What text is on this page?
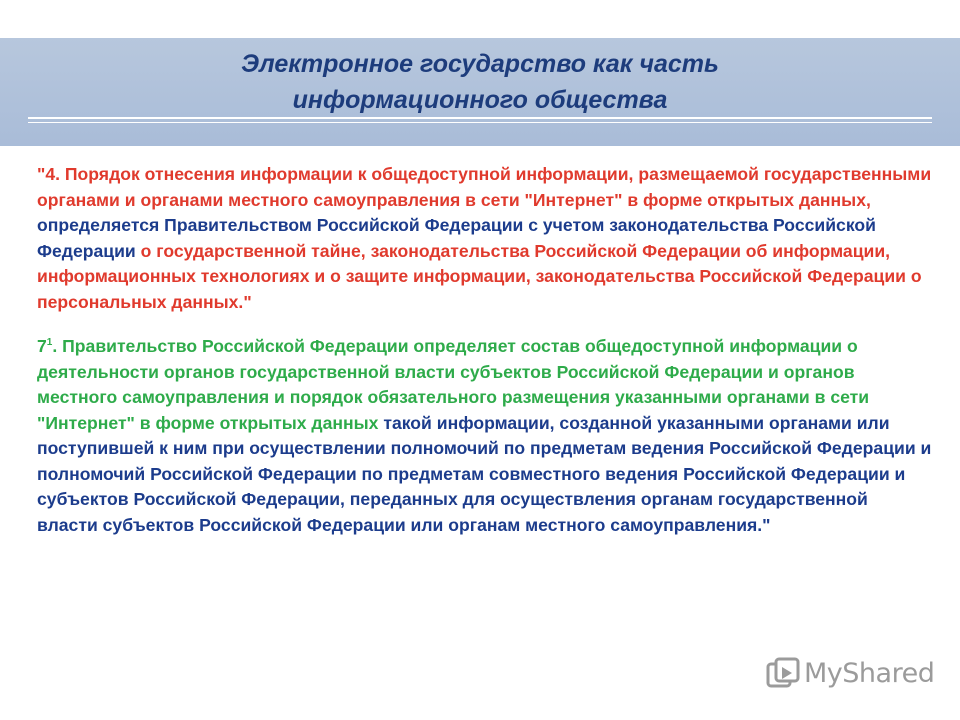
Электронное государство как часть
информационного общества

"4. Порядок отнесения информации к общедоступной информации, размещаемой государственными органами и органами местного самоуправления в сети "Интернет" в форме открытых данных, определяется Правительством Российской Федерации с учетом законодательства Российской Федерации о государственной тайне, законодательства Российской Федерации об информации, информационных технологиях и о защите информации, законодательства Российской Федерации о персональных данных."

$7^1$. Правительство Российской Федерации определяет состав общедоступной информации о деятельности органов государственной власти субъектов Российской Федерации и органов местного самоуправления и порядок обязательного размещения указанными органами в сети "Интернет" в форме открытых данных такой информации, созданной указанными органами или поступившей к ним при осуществлении полномочий по предметам ведения Российской Федерации и полномочий Российской Федерации по предметам совместного ведения Российской Федерации и субъектов Российской Федерации, переданных для осуществления органам государственной власти субъектов Российской Федерации или органам местного самоуправления."

MyShared
